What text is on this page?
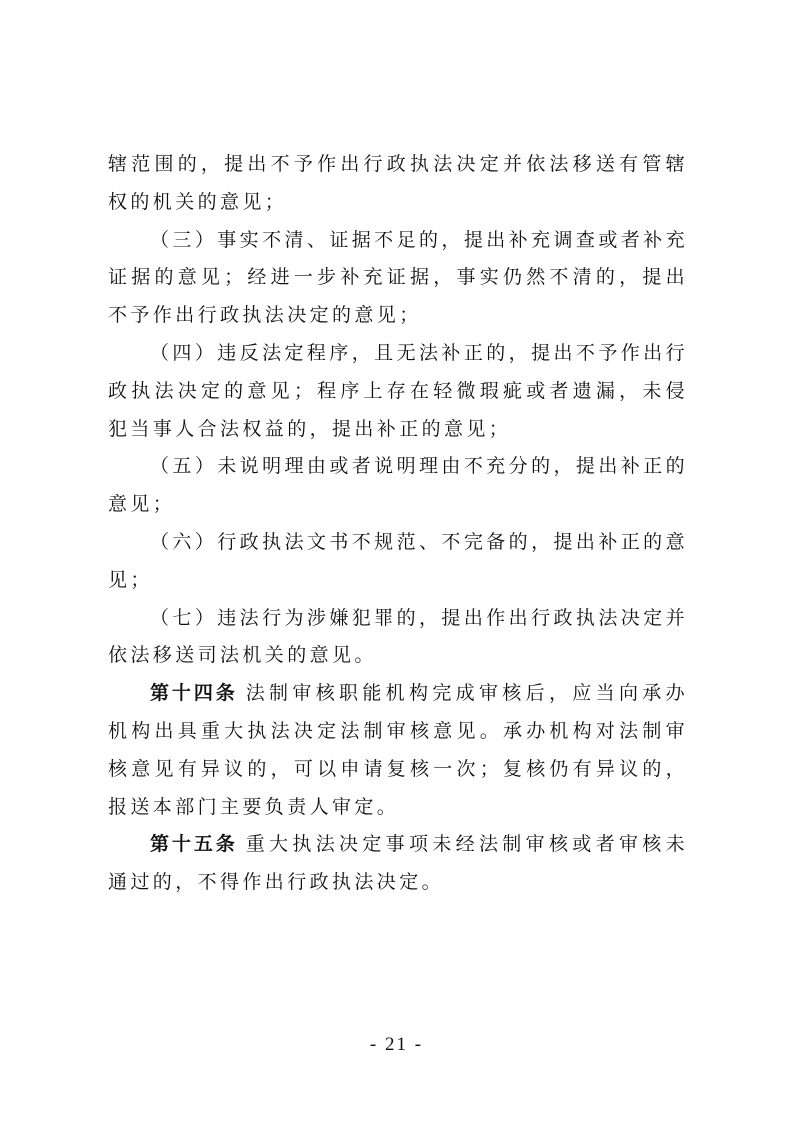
辖范围的，提出不予作出行政执法决定并依法移送有管辖权的机关的意见；

（三）事实不清、证据不足的，提出补充调查或者补充证据的意见；经进一步补充证据，事实仍然不清的，提出不予作出行政执法决定的意见；

（四）违反法定程序，且无法补正的，提出不予作出行政执法决定的意见；程序上存在轻微瑕疵或者遗漏，未侵犯当事人合法权益的，提出补正的意见；

（五）未说明理由或者说明理由不充分的，提出补正的意见；

（六）行政执法文书不规范、不完备的，提出补正的意见；

（七）违法行为涉嫌犯罪的，提出作出行政执法决定并依法移送司法机关的意见。

第十四条 法制审核职能机构完成审核后，应当向承办机构出具重大执法决定法制审核意见。承办机构对法制审核意见有异议的，可以申请复核一次；复核仍有异议的，报送本部门主要负责人审定。

第十五条 重大执法决定事项未经法制审核或者审核未通过的，不得作出行政执法决定。

- 21 -
